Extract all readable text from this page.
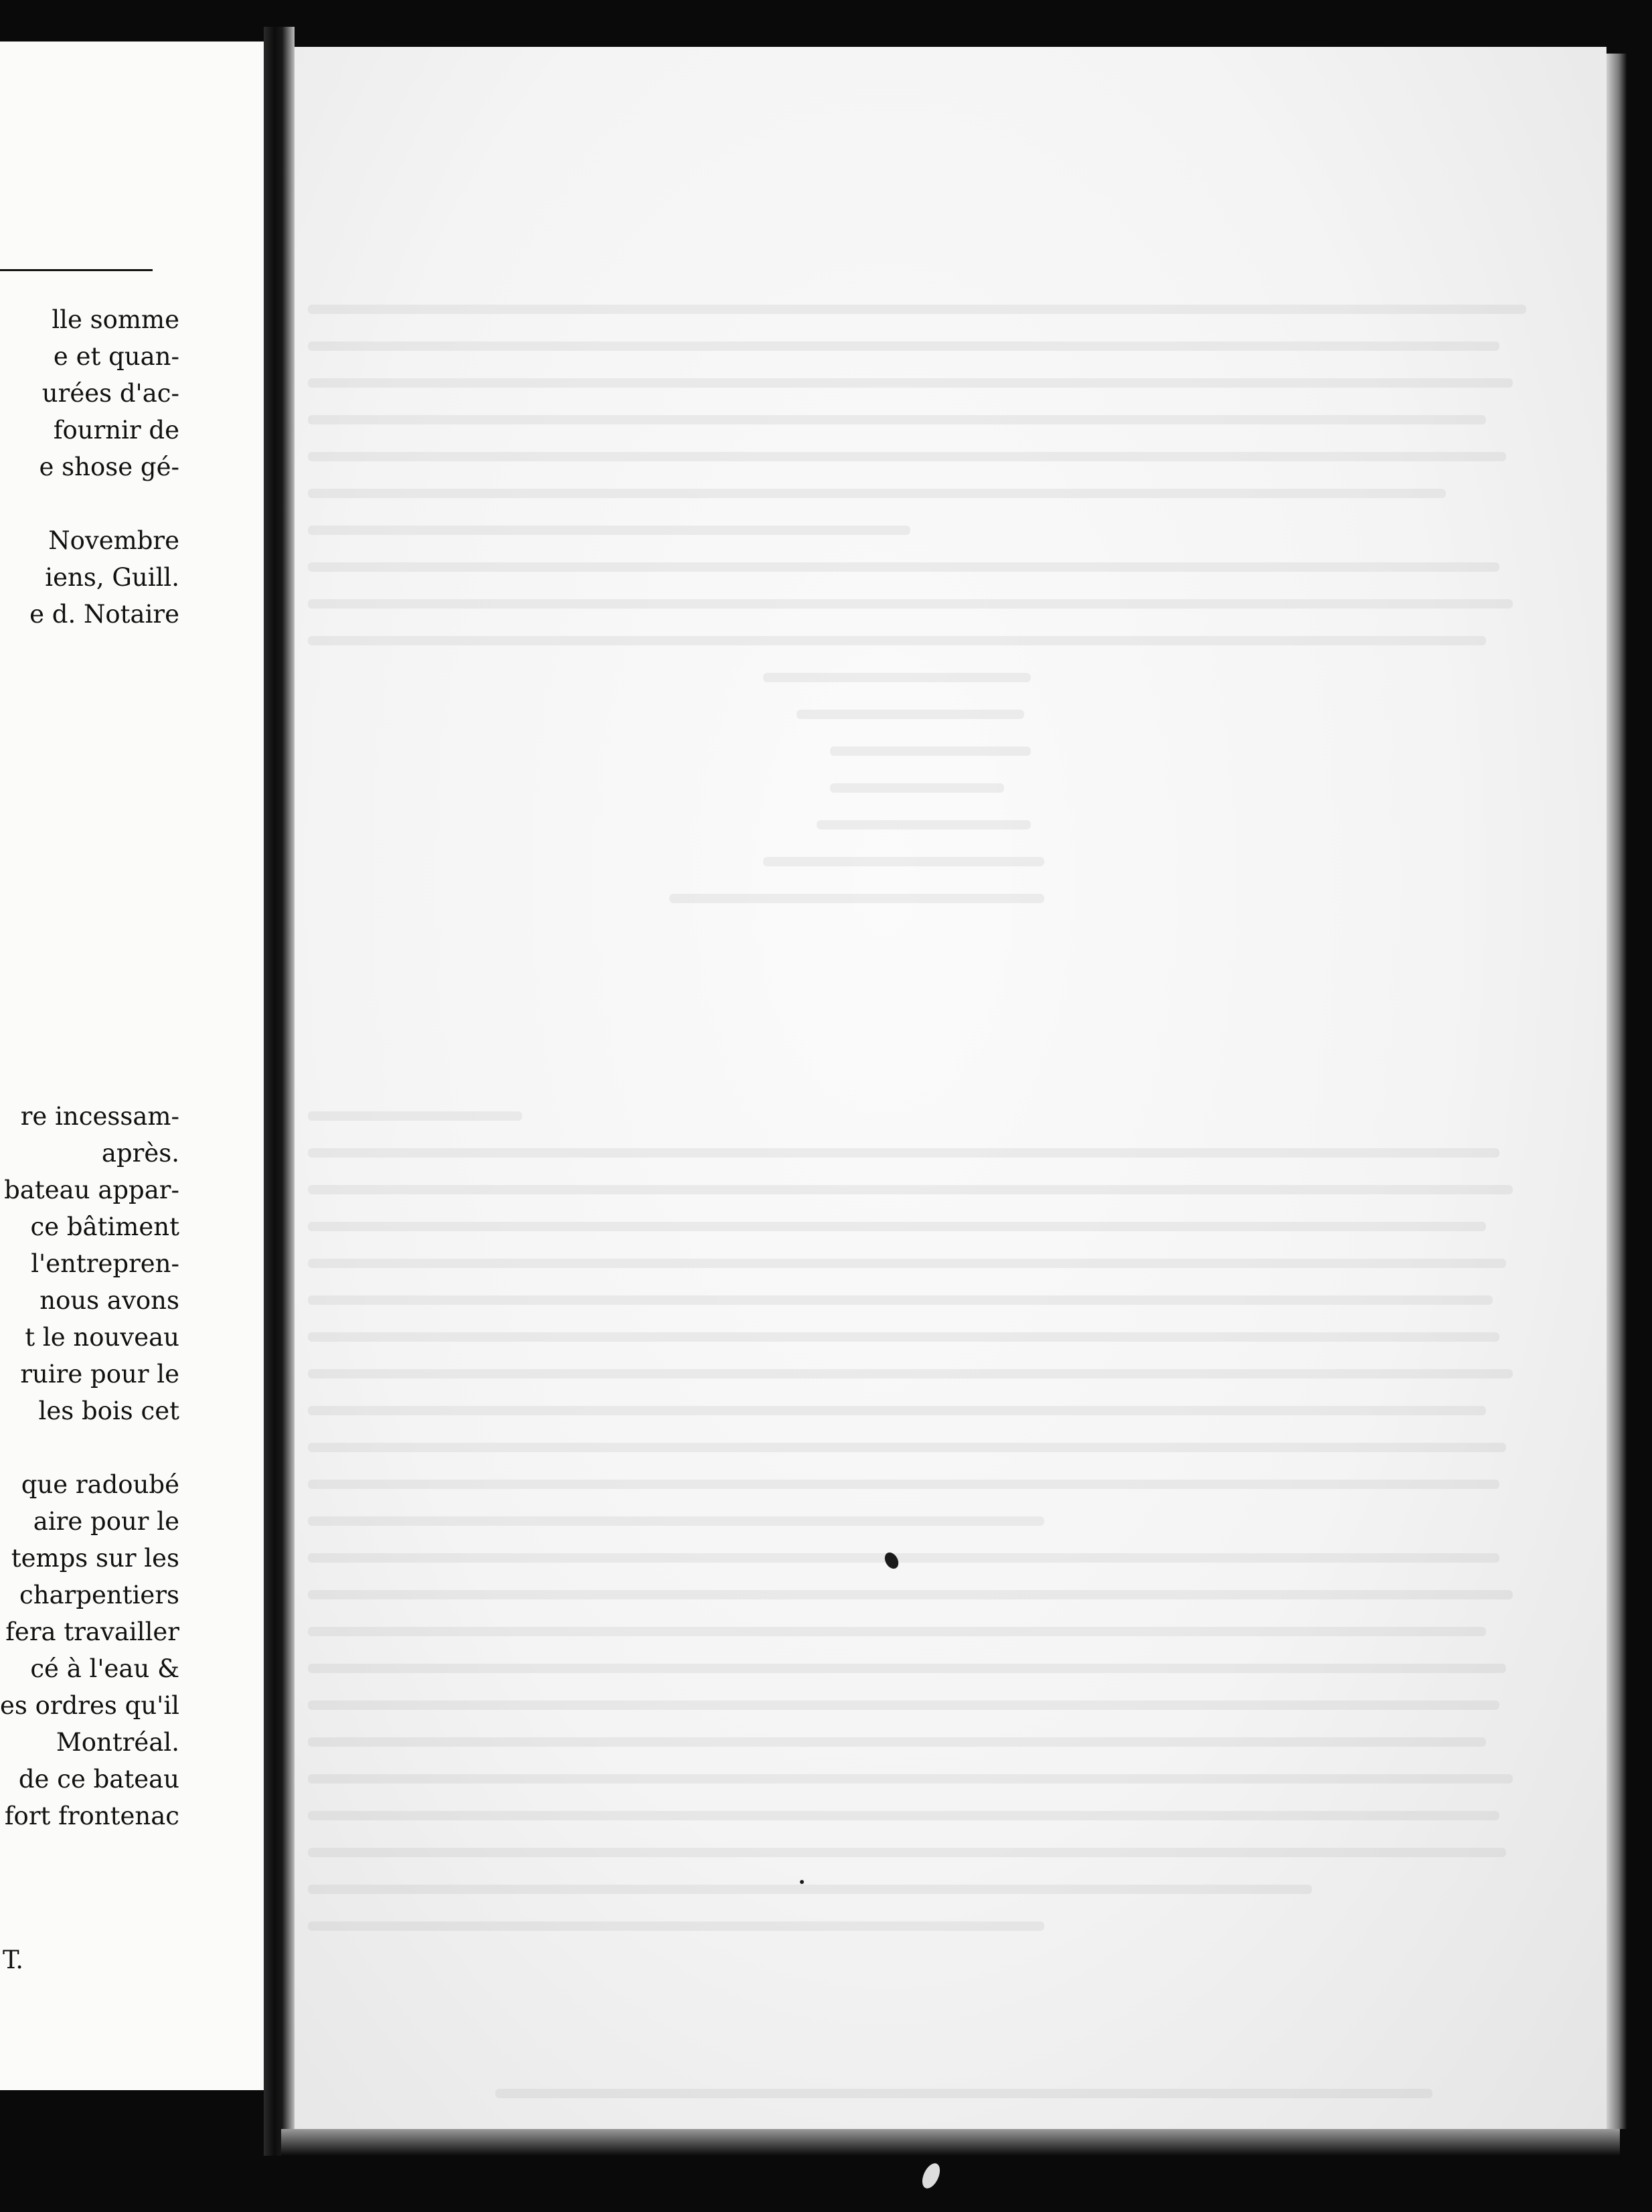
lle somme

e et quan-

urées d'ac-

fournir de

e shose gé-

Novembre

iens, Guill.

e d. Notaire

re incessam-

après.

bateau appar-

ce bâtiment

l'entrepren-

nous avons

t le nouveau

ruire pour le

les bois cet

que radoubé

aire pour le

temps sur les

charpentiers

fera travailler

cé à l'eau &

es ordres qu'il

Montréal.

de ce bateau

fort frontenac

T.
